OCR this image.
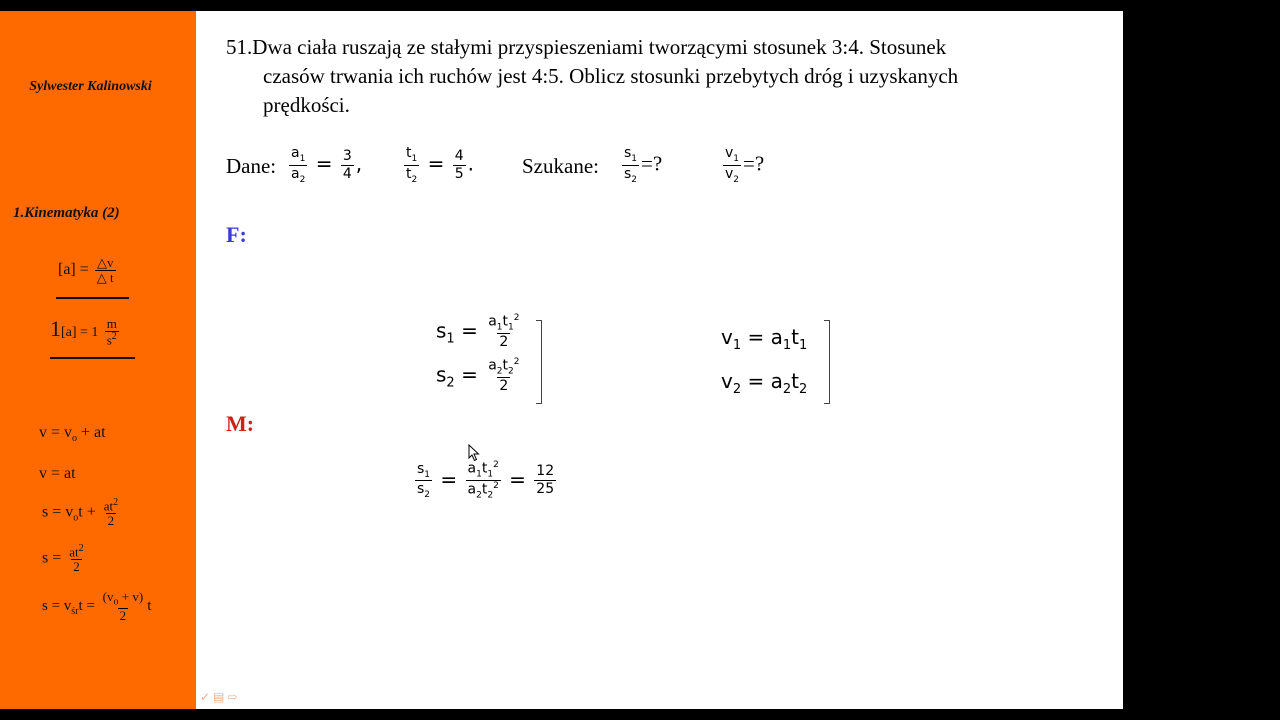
Sylwester Kalinowski
1.Kinematyka (2)
$[a] = \frac{\triangle v}{\triangle t}$
$1[a] = 1 \frac{m}{s^2}$
$v = v_o$ + at
v = at
$s = v_ot + \frac{at^2}{2}$
$s = \frac{at^2}{2}$
$s = v_{śr}t = \frac{(v_o + v)}{2}$ t
51.Dwa ciała ruszają ze stałymi przyspieszeniami tworzącymi stosunek 3:4. Stosunek
czasów trwania ich ruchów jest 4:5. Oblicz stosunki przebytych dróg i uzyskanych
prędkości.
Dane: $\frac{a_1}{a_2} = \frac{3}{4}$ ,	$\frac{t_1}{t_2} = \frac{4}{5}$ . Szukane: $\frac{s_1}{s_2}$ =?	$\frac{v_1}{v_2}$ =?
F:
$s_1 = \frac{a_1t_1^2}{2}$
$s_2 = \frac{a_2t_2^2}{2}$
$v_1 = a_1t_1$
$v_2 = a_2t_2$
M:
$\frac{s_1}{s_2} = \frac{a_1t_1^2}{a_2t_2^2} = \frac{12}{25}$
✓ ▤ ⇨
